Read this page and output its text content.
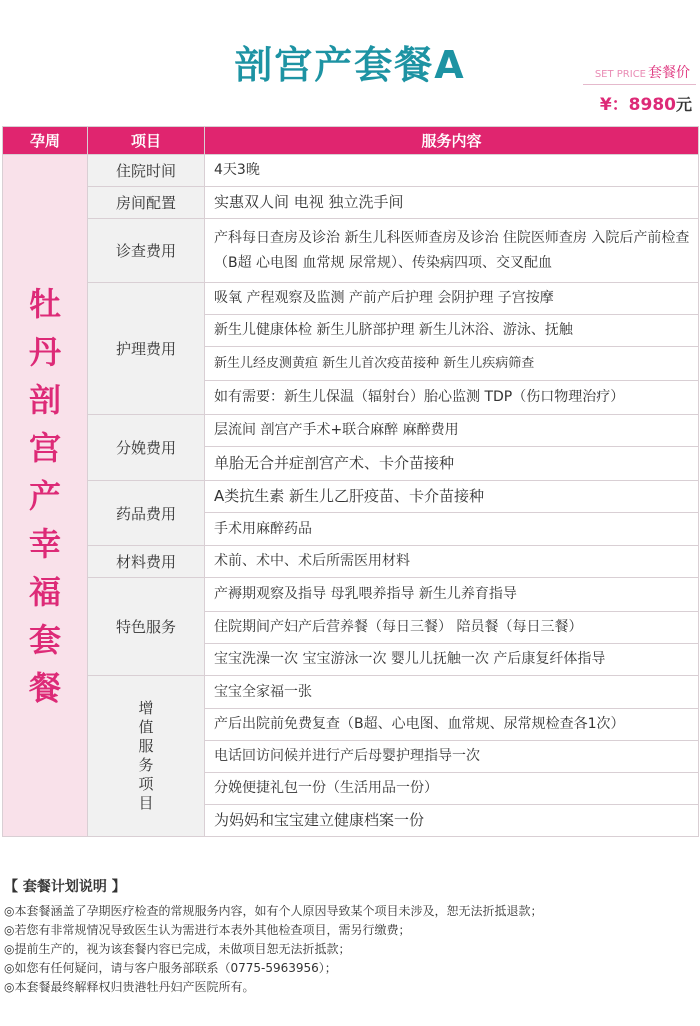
剖宫产套餐A	SET PRICE 套餐价
¥：8980元
孕周	项目	服务内容
牡丹剖宫产幸福套餐	住院时间	4天3晚
	房间配置	实惠双人间 电视 独立洗手间
	诊查费用	产科每日查房及诊治 新生儿科医师查房及诊治 住院医师查房 入院后产前检查（B超 心电图 血常规 尿常规）、传染病四项、交叉配血
	护理费用	吸氧 产程观察及监测 产前产后护理 会阴护理 子宫按摩
		新生儿健康体检 新生儿脐部护理 新生儿沐浴、游泳、抚触
		新生儿经皮测黄疸 新生儿首次疫苗接种 新生儿疾病筛查
		如有需要：新生儿保温（辐射台）胎心监测 TDP（伤口物理治疗）
	分娩费用	层流间 剖宫产手术+联合麻醉 麻醉费用
		单胎无合并症剖宫产术、卡介苗接种
	药品费用	A类抗生素 新生儿乙肝疫苗、卡介苗接种
		手术用麻醉药品
	材料费用	术前、术中、术后所需医用材料
	特色服务	产褥期观察及指导 母乳喂养指导 新生儿养育指导
		住院期间产妇产后营养餐（每日三餐） 陪员餐（每日三餐）
		宝宝洗澡一次 宝宝游泳一次 婴儿儿抚触一次 产后康复纤体指导
	增值服务项目	宝宝全家福一张
		产后出院前免费复查（B超、心电图、血常规、尿常规检查各1次）
		电话回访问候并进行产后母婴护理指导一次
		分娩便捷礼包一份（生活用品一份）
		为妈妈和宝宝建立健康档案一份
【 套餐计划说明 】
◎本套餐涵盖了孕期医疗检查的常规服务内容，如有个人原因导致某个项目未涉及，恕无法折抵退款；
◎若您有非常规情况导致医生认为需进行本表外其他检查项目，需另行缴费；
◎提前生产的，视为该套餐内容已完成，未做项目恕无法折抵款；
◎如您有任何疑问，请与客户服务部联系（0775-5963956）；
◎本套餐最终解释权归贵港牡丹妇产医院所有。
